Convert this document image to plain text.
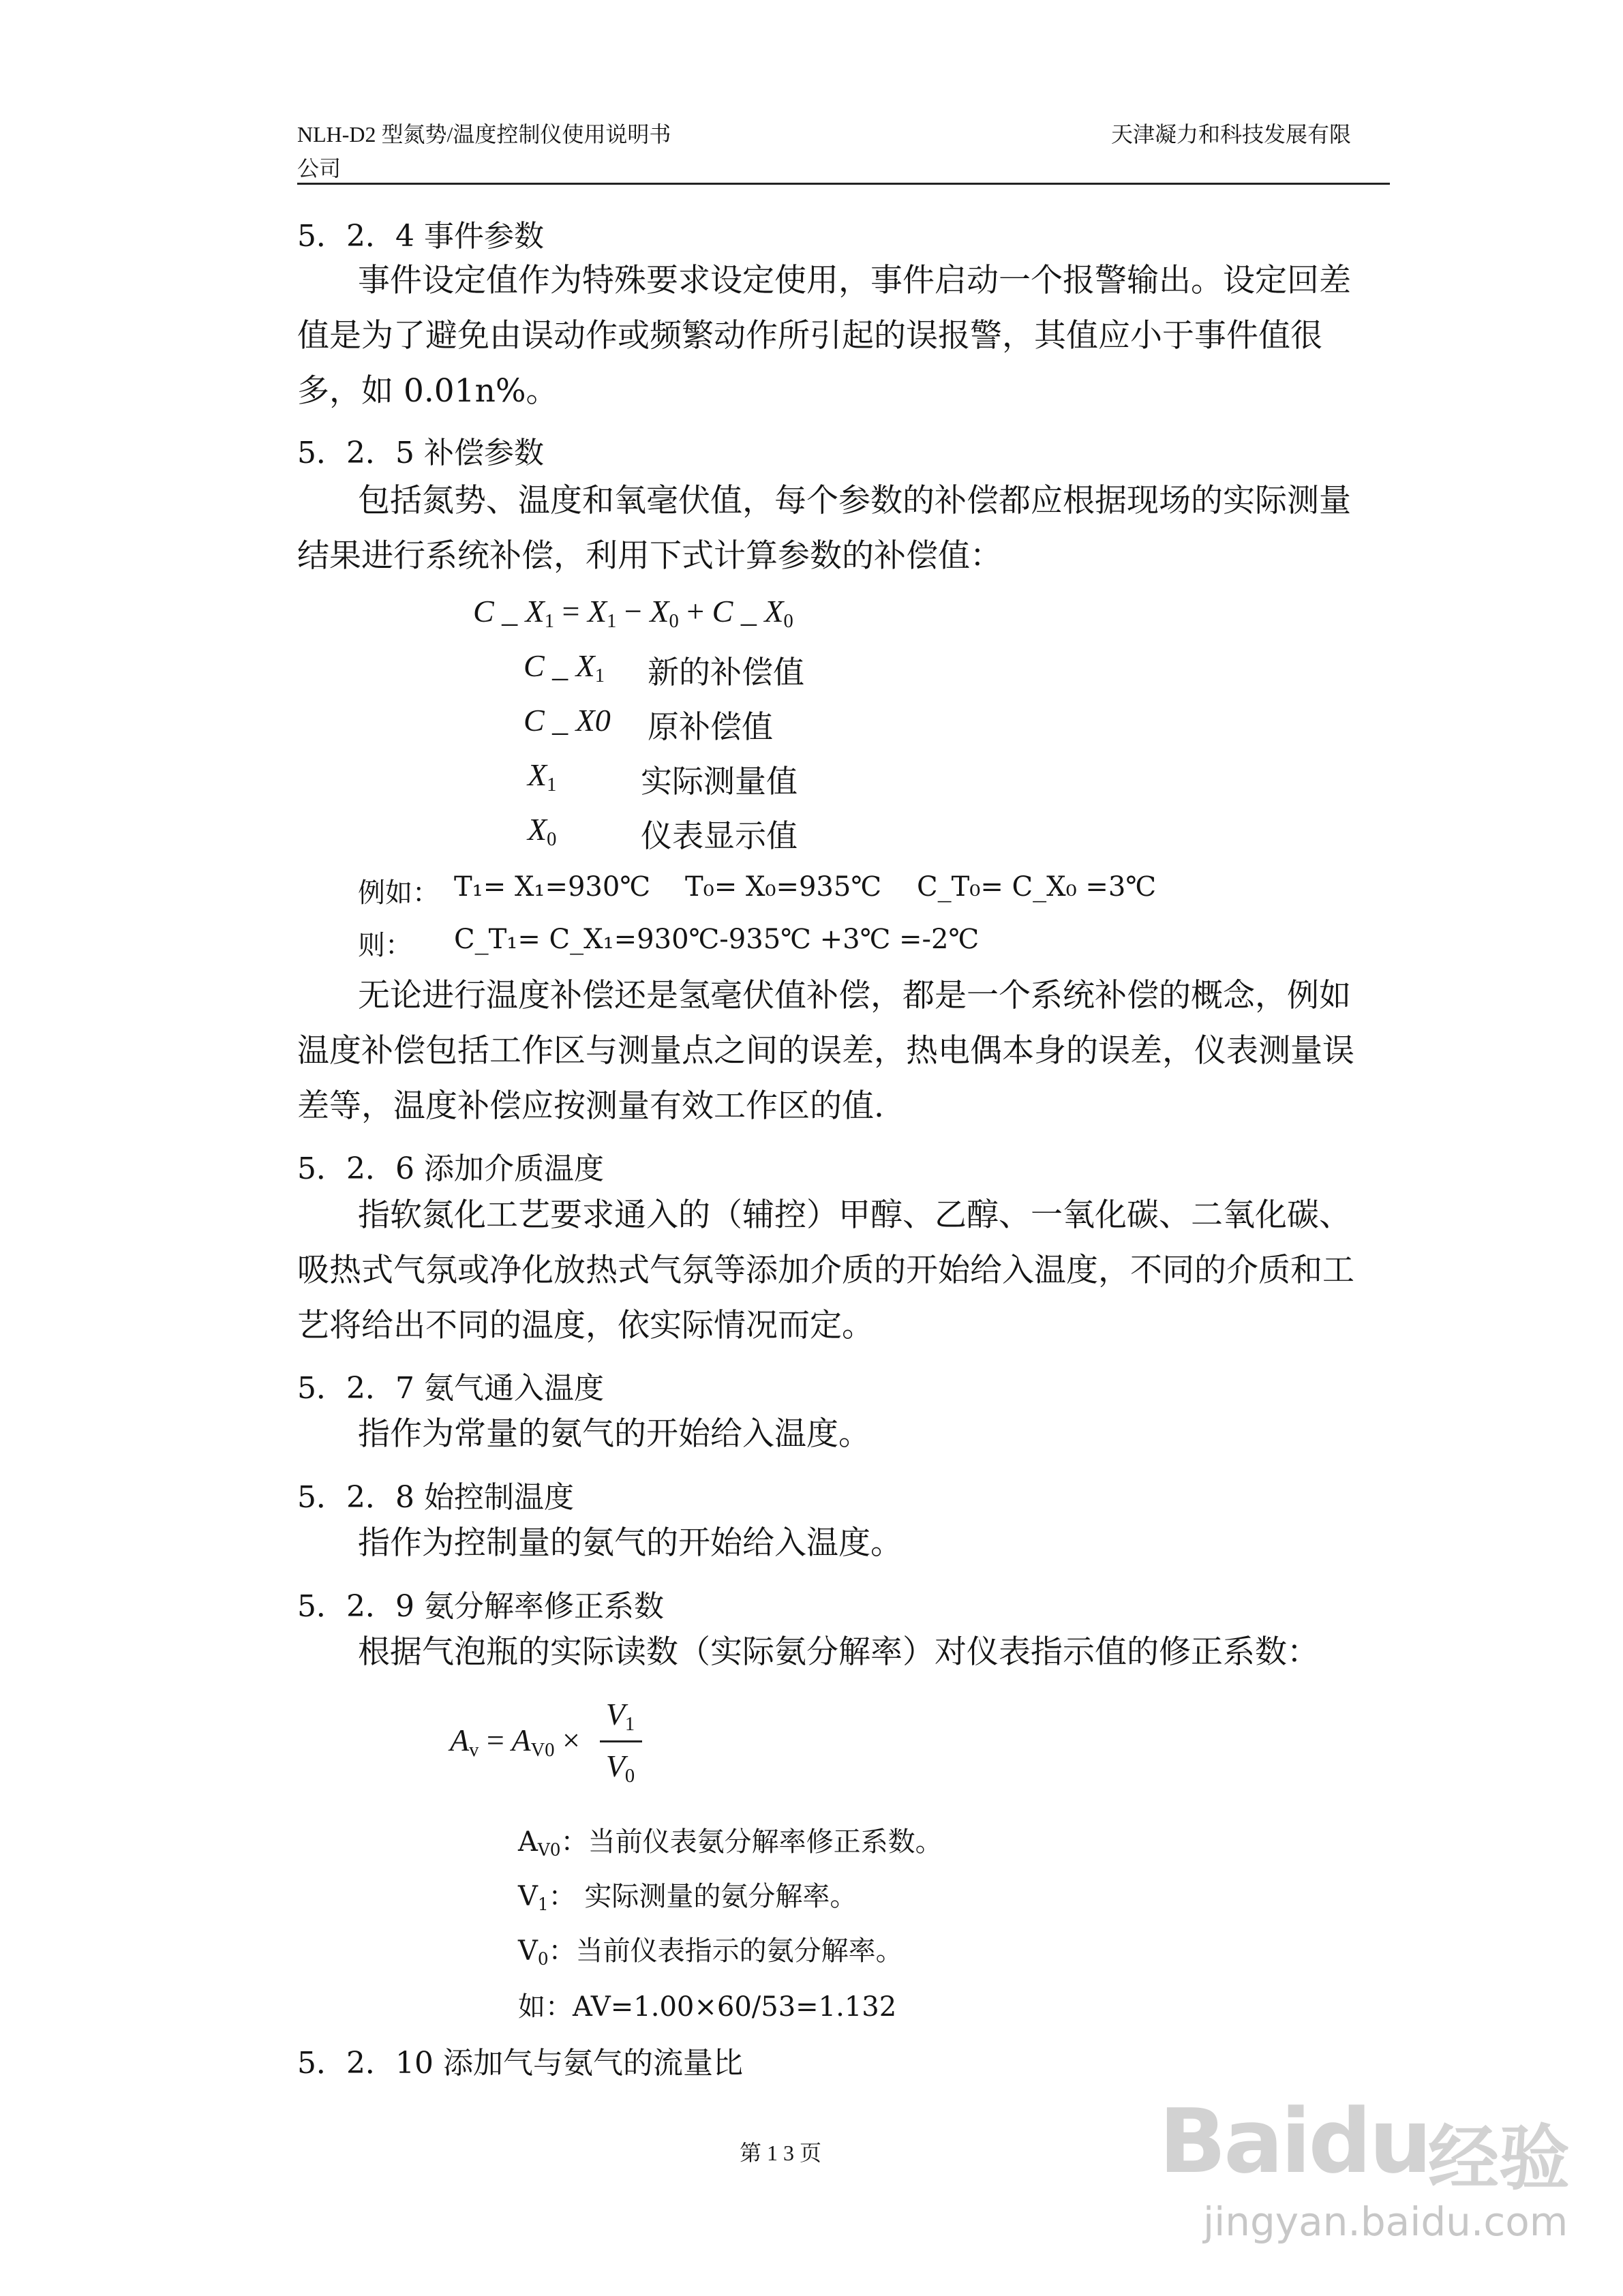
NLH-D2 型氮势/温度控制仪使用说明书
公司
天津凝力和科技发展有限
5．2．4 事件参数
事件设定值作为特殊要求设定使用，事件启动一个报警输出。设定回差
值是为了避免由误动作或频繁动作所引起的误报警，其值应小于事件值很
多，如 0.01n%。
5．2．5 补偿参数
包括氮势、温度和氧毫伏值，每个参数的补偿都应根据现场的实际测量
结果进行系统补偿，利用下式计算参数的补偿值：
C _ $X_1 = X_1 - X_0 + C$ _ $X_0$
C _ $X_1$ 新的补偿值
C _ X0 原补偿值
$X_1$	实际测量值
$X_0$	仪表显示值
例如： T₁= X₁=930℃ T₀= X₀=935℃ C_T₀= C_X₀ =3℃
则： C_T₁= C_X₁=930℃-935℃ +3℃ =-2℃
无论进行温度补偿还是氢毫伏值补偿，都是一个系统补偿的概念，例如
温度补偿包括工作区与测量点之间的误差，热电偶本身的误差，仪表测量误
差等，温度补偿应按测量有效工作区的值.
5．2．6 添加介质温度
指软氮化工艺要求通入的（辅控）甲醇、乙醇、一氧化碳、二氧化碳、
吸热式气氛或净化放热式气氛等添加介质的开始给入温度，不同的介质和工
艺将给出不同的温度，依实际情况而定。
5．2．7 氨气通入温度
指作为常量的氨气的开始给入温度。
5．2．8 始控制温度
指作为控制量的氨气的开始给入温度。
5．2．9 氨分解率修正系数
根据气泡瓶的实际读数（实际氨分解率）对仪表指示值的修正系数：
$A_v = A_{V0}$ ×
$V_1$
$V_0$
$A_{V0}$：当前仪表氨分解率修正系数。
$V_1$： 实际测量的氨分解率。
$V_0$：当前仪表指示的氨分解率。
如：AV=1.00×60/53=1.132
5．2．10 添加气与氨气的流量比
第 1 3 页	Baidu
经验
jingyan.baidu.com
